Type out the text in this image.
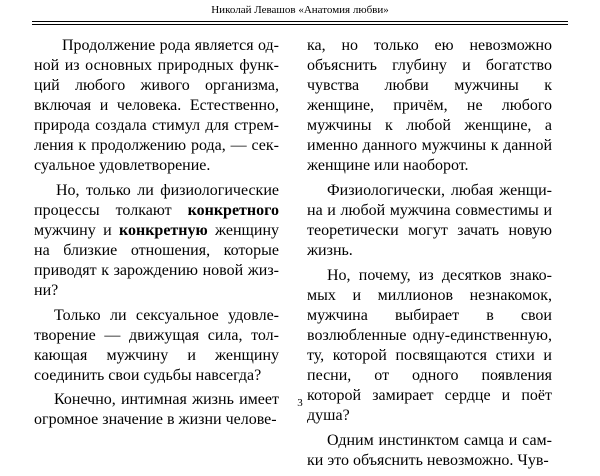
Николай Левашов «Анатомия любви»

Продолжение рода является одной из основных природных функций любого живого организма, включая и человека. Естественно, природа создала стимул для стремления к продолжению рода, — сексуальное удовлетворение.

Но, только ли физиологические процессы толкают конкретного мужчину и конкретную женщину на близкие отношения, которые приводят к зарождению новой жизни?

Только ли сексуальное удовлетворение — движущая сила, толкающая мужчину и женщину соединить свои судьбы навсегда?

Конечно, интимная жизнь имеет огромное значение в жизни челове-

ка, но только ею невозможно объяснить глубину и богатство чувства любви мужчины к женщине, причём, не любого мужчины к любой женщине, а именно данного мужчины к данной женщине или наоборот.

Физиологически, любая женщина и любой мужчина совместимы и теоретически могут зачать новую жизнь.

Но, почему, из десятков знакомых и миллионов незнакомок, мужчина выбирает в свои возлюбленные одну-единственную, ту, которой посвящаются стихи и песни, от одного появления которой замирает сердце и поёт душа?

Одним инстинктом самца и самки это объяснить невозможно. Чув-

3
